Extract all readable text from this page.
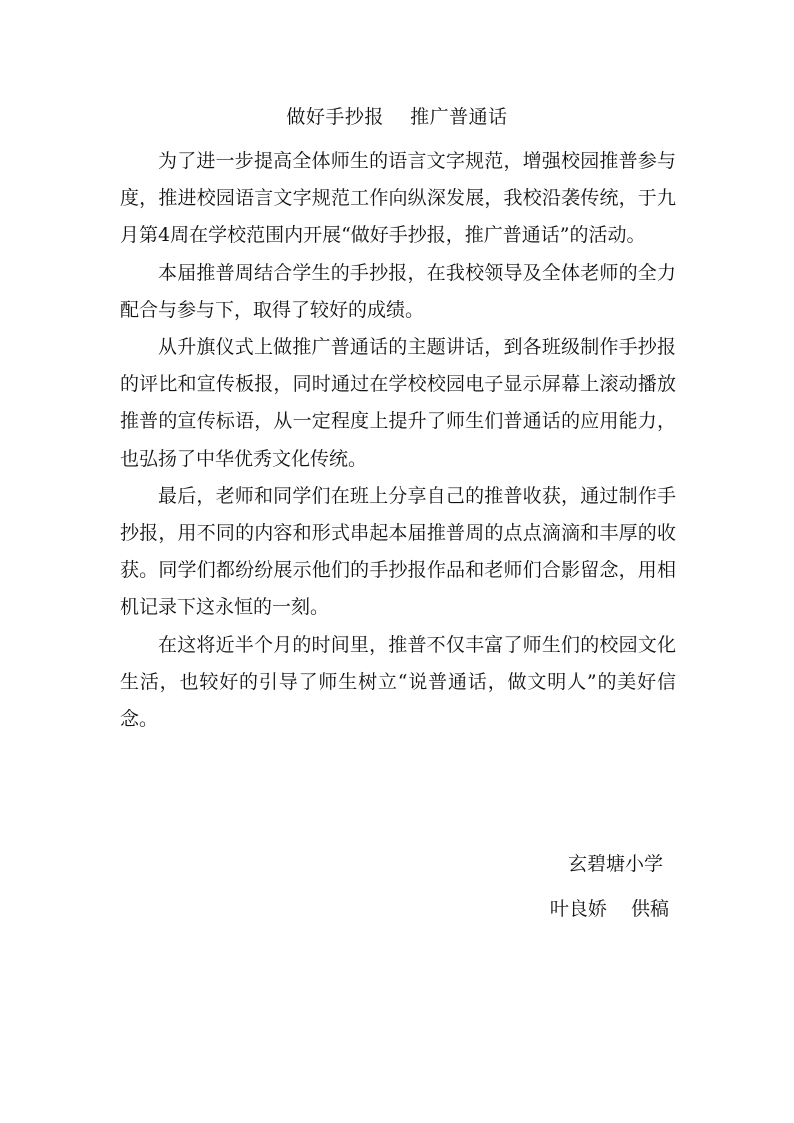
做好手抄报    推广普通话

为了进一步提高全体师生的语言文字规范，增强校园推普参与度，推进校园语言文字规范工作向纵深发展，我校沿袭传统，于九月第4周在学校范围内开展“做好手抄报，推广普通话”的活动。

本届推普周结合学生的手抄报，在我校领导及全体老师的全力配合与参与下，取得了较好的成绩。

从升旗仪式上做推广普通话的主题讲话，到各班级制作手抄报的评比和宣传板报，同时通过在学校校园电子显示屏幕上滚动播放推普的宣传标语，从一定程度上提升了师生们普通话的应用能力，也弘扬了中华优秀文化传统。

最后，老师和同学们在班上分享自己的推普收获，通过制作手抄报，用不同的内容和形式串起本届推普周的点点滴滴和丰厚的收获。同学们都纷纷展示他们的手抄报作品和老师们合影留念，用相机记录下这永恒的一刻。

在这将近半个月的时间里，推普不仅丰富了师生们的校园文化生活，也较好的引导了师生树立“说普通话，做文明人”的美好信念。

玄碧塘小学
叶良娇    供稿
